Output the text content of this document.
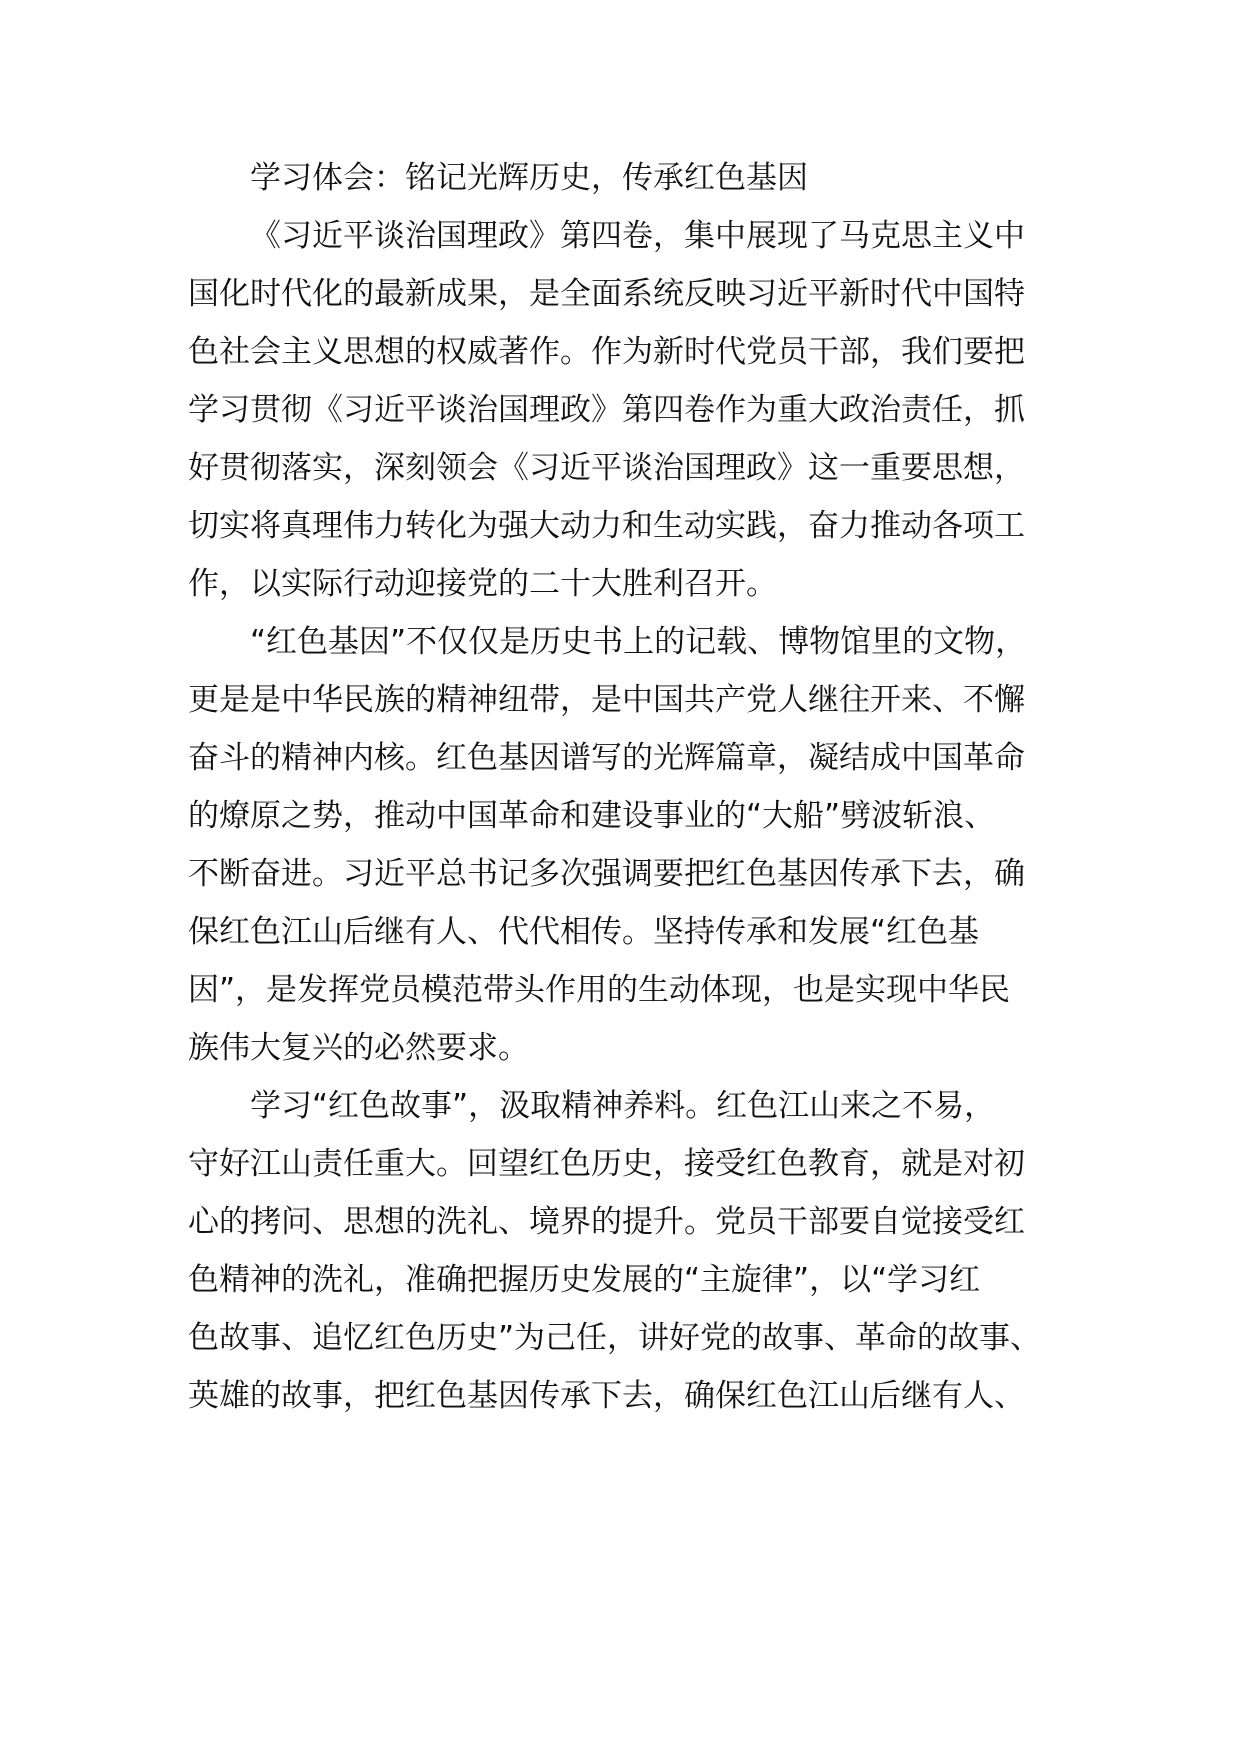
学习体会：铭记光辉历史，传承红色基因
《习近平谈治国理政》第四卷，集中展现了马克思主义中
国化时代化的最新成果，是全面系统反映习近平新时代中国特
色社会主义思想的权威著作。作为新时代党员干部，我们要把
学习贯彻《习近平谈治国理政》第四卷作为重大政治责任，抓
好贯彻落实，深刻领会《习近平谈治国理政》这一重要思想，
切实将真理伟力转化为强大动力和生动实践，奋力推动各项工
作，以实际行动迎接党的二十大胜利召开。
“红色基因”不仅仅是历史书上的记载、博物馆里的文物，
更是是中华民族的精神纽带，是中国共产党人继往开来、不懈
奋斗的精神内核。红色基因谱写的光辉篇章，凝结成中国革命
的燎原之势，推动中国革命和建设事业的“大船”劈波斩浪、
不断奋进。习近平总书记多次强调要把红色基因传承下去，确
保红色江山后继有人、代代相传。坚持传承和发展“红色基
因”，是发挥党员模范带头作用的生动体现，也是实现中华民
族伟大复兴的必然要求。
学习“红色故事”，汲取精神养料。红色江山来之不易，
守好江山责任重大。回望红色历史，接受红色教育，就是对初
心的拷问、思想的洗礼、境界的提升。党员干部要自觉接受红
色精神的洗礼，准确把握历史发展的“主旋律”，以“学习红
色故事、追忆红色历史”为己任，讲好党的故事、革命的故事、
英雄的故事，把红色基因传承下去，确保红色江山后继有人、
